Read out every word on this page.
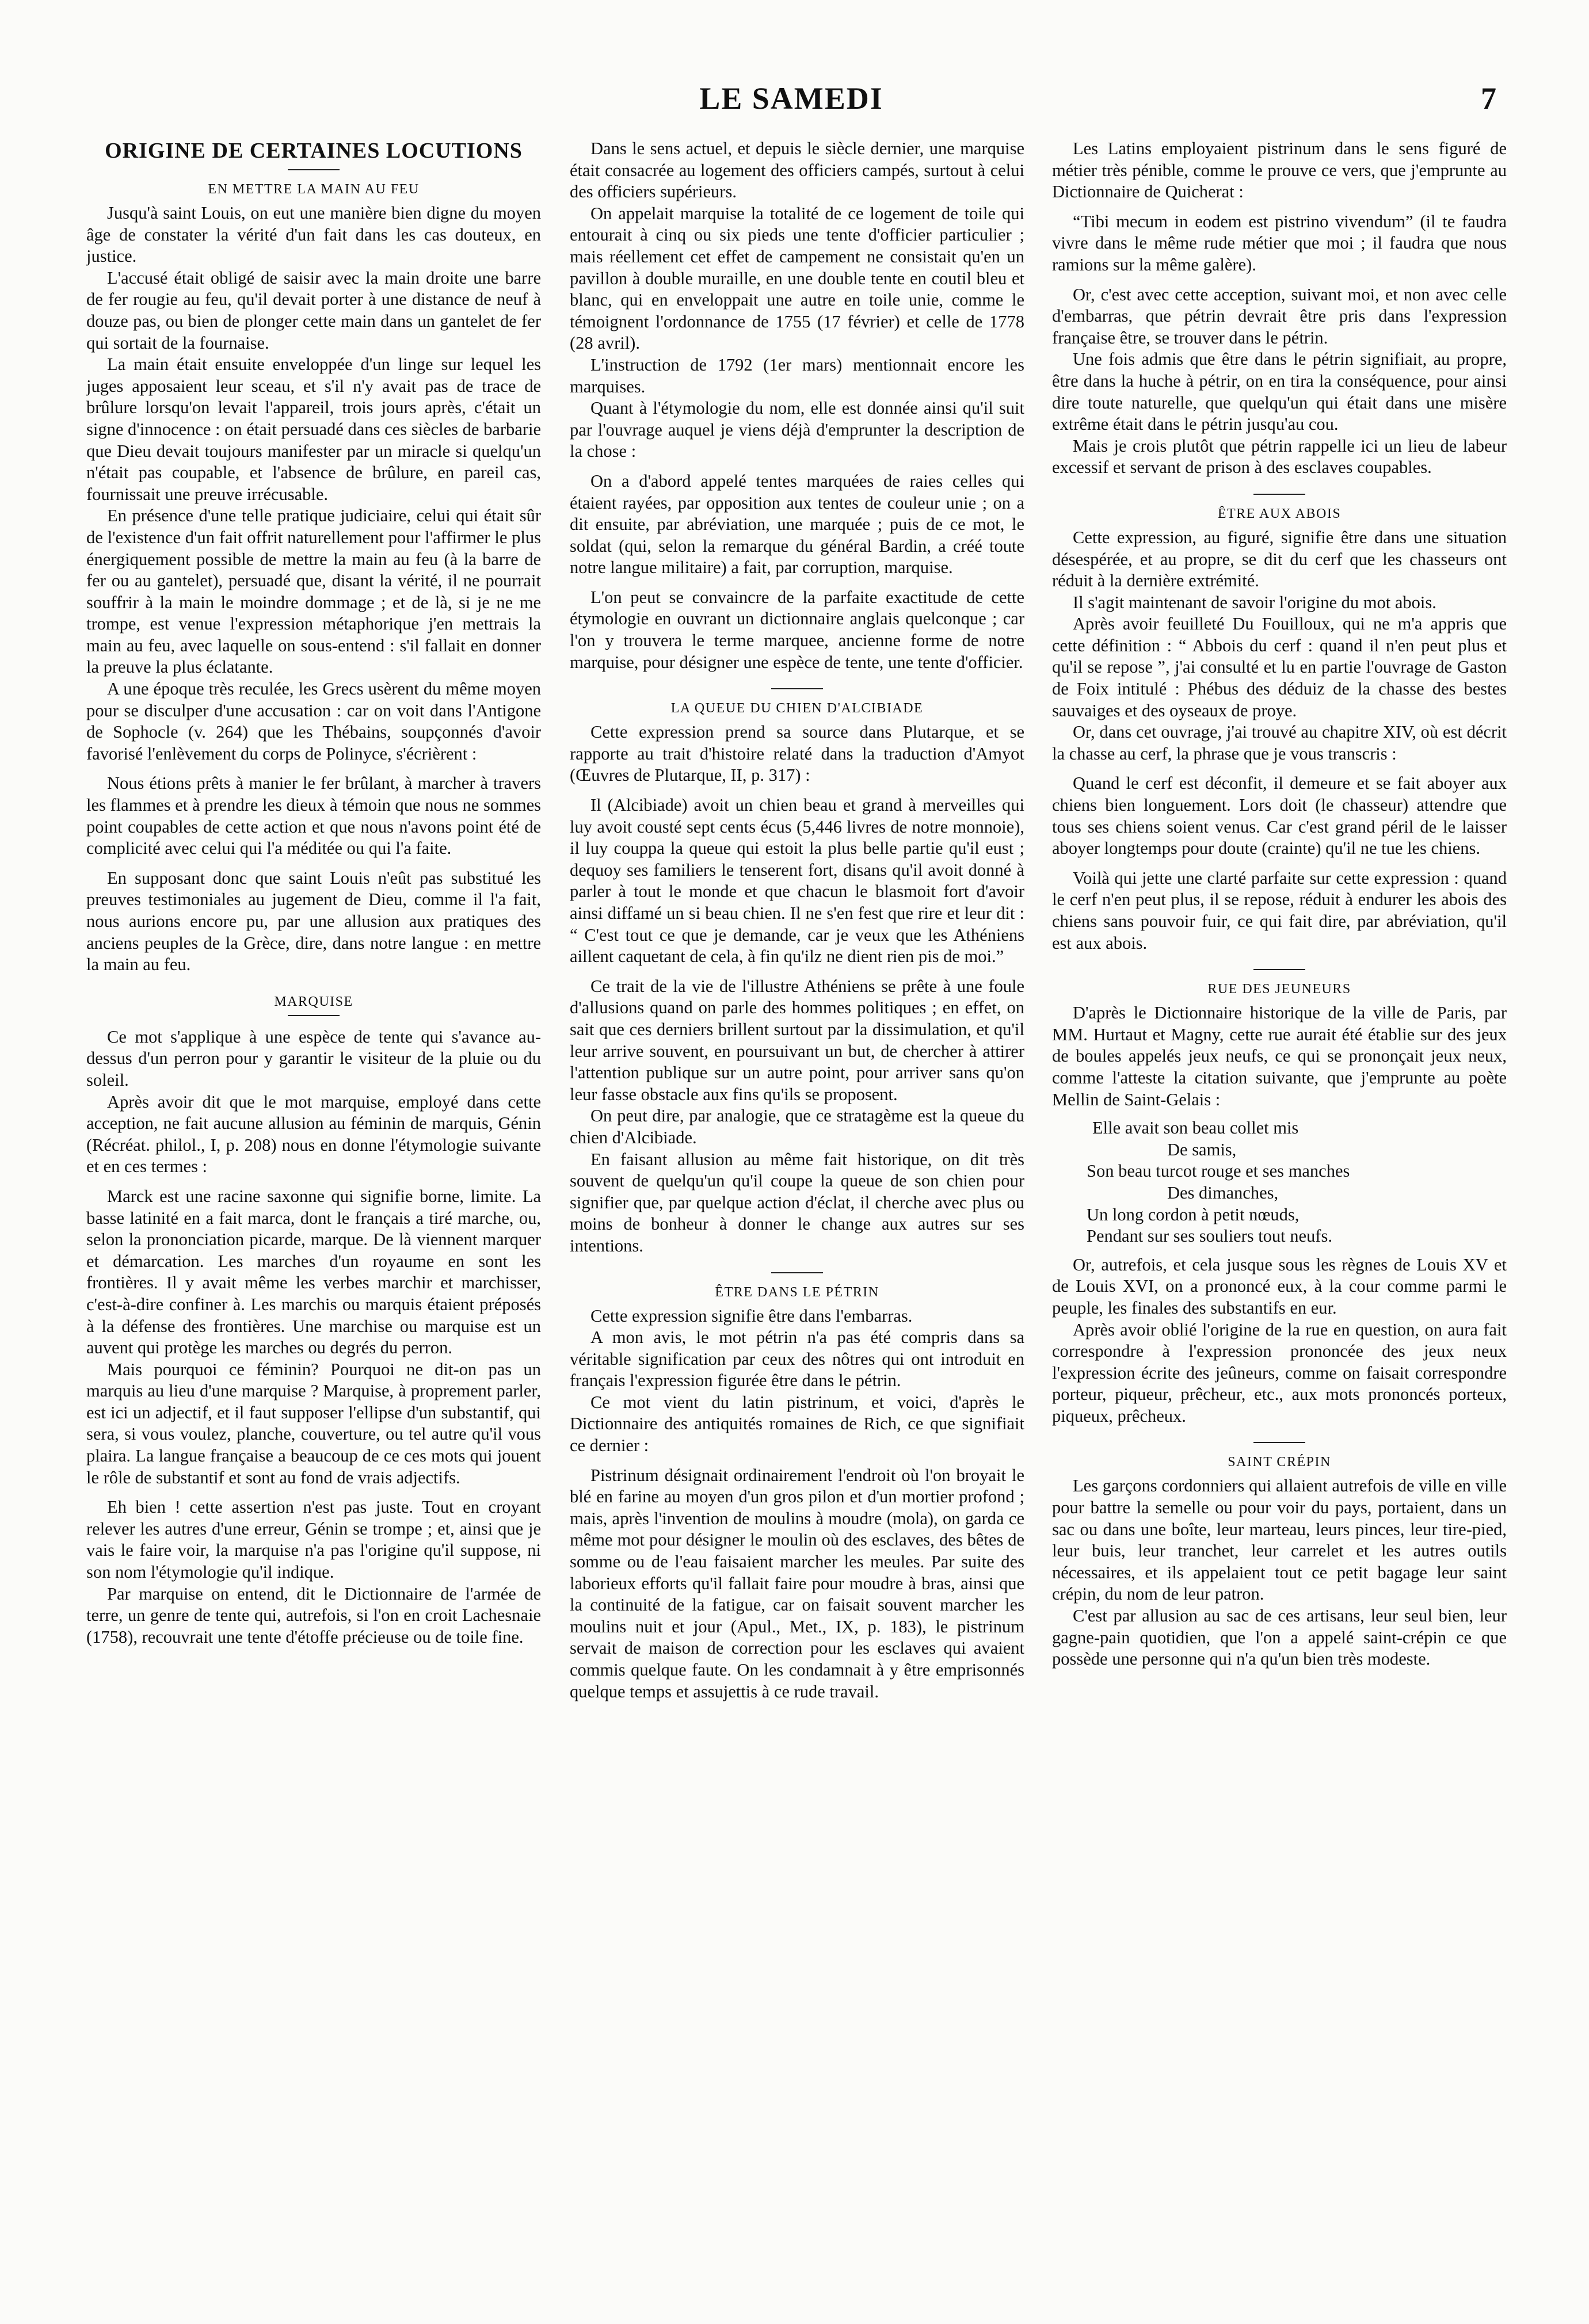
LE SAMEDI	7
ORIGINE DE CERTAINES LOCUTIONS
EN METTRE LA MAIN AU FEU

Jusqu'à saint Louis, on eut une manière bien digne du moyen âge de constater la vérité d'un fait dans les cas douteux, en justice.

L'accusé était obligé de saisir avec la main droite une barre de fer rougie au feu, qu'il devait porter à une distance de neuf à douze pas, ou bien de plonger cette main dans un gantelet de fer qui sortait de la fournaise.

La main était ensuite enveloppée d'un linge sur lequel les juges apposaient leur sceau, et s'il n'y avait pas de trace de brûlure lorsqu'on levait l'appareil, trois jours après, c'était un signe d'innocence : on était persuadé dans ces siècles de barbarie que Dieu devait toujours manifester par un miracle si quelqu'un n'était pas coupable, et l'absence de brûlure, en pareil cas, fournissait une preuve irrécusable.

En présence d'une telle pratique judiciaire, celui qui était sûr de l'existence d'un fait offrit naturellement pour l'affirmer le plus énergiquement possible de mettre la main au feu (à la barre de fer ou au gantelet), persuadé que, disant la vérité, il ne pourrait souffrir à la main le moindre dommage ; et de là, si je ne me trompe, est venue l'expression métaphorique j'en mettrais la main au feu, avec laquelle on sous-entend : s'il fallait en donner la preuve la plus éclatante.

A une époque très reculée, les Grecs usèrent du même moyen pour se disculper d'une accusation : car on voit dans l'Antigone de Sophocle (v. 264) que les Thébains, soupçonnés d'avoir favorisé l'enlèvement du corps de Polinyce, s'écrièrent :

Nous étions prêts à manier le fer brûlant, à marcher à travers les flammes et à prendre les dieux à témoin que nous ne sommes point coupables de cette action et que nous n'avons point été de complicité avec celui qui l'a méditée ou qui l'a faite.

En supposant donc que saint Louis n'eût pas substitué les preuves testimoniales au jugement de Dieu, comme il l'a fait, nous aurions encore pu, par une allusion aux pratiques des anciens peuples de la Grèce, dire, dans notre langue : en mettre la main au feu.

MARQUISE

Ce mot s'applique à une espèce de tente qui s'avance au-dessus d'un perron pour y garantir le visiteur de la pluie ou du soleil.

Après avoir dit que le mot marquise, employé dans cette acception, ne fait aucune allusion au féminin de marquis, Génin (Récréat. philol., I, p. 208) nous en donne l'étymologie suivante et en ces termes :

Marck est une racine saxonne qui signifie borne, limite. La basse latinité en a fait marca, dont le français a tiré marche, ou, selon la prononciation picarde, marque. De là viennent marquer et démarcation. Les marches d'un royaume en sont les frontières. Il y avait même les verbes marchir et marchisser, c'est-à-dire confiner à. Les marchis ou marquis étaient préposés à la défense des frontières. Une marchise ou marquise est un auvent qui protège les marches ou degrés du perron.

Mais pourquoi ce féminin? Pourquoi ne dit-on pas un marquis au lieu d'une marquise ? Marquise, à proprement parler, est ici un adjectif, et il faut supposer l'ellipse d'un substantif, qui sera, si vous voulez, planche, couverture, ou tel autre qu'il vous plaira. La langue française a beaucoup de ce ces mots qui jouent le rôle de substantif et sont au fond de vrais adjectifs.

Eh bien ! cette assertion n'est pas juste. Tout en croyant relever les autres d'une erreur, Génin se trompe ; et, ainsi que je vais le faire voir, la marquise n'a pas l'origine qu'il suppose, ni son nom l'étymologie qu'il indique.

Par marquise on entend, dit le Dictionnaire de l'armée de terre, un genre de tente qui, autrefois, si l'on en croit Lachesnaie (1758), recouvrait une tente d'étoffe précieuse ou de toile fine.

Dans le sens actuel, et depuis le siècle dernier, une marquise était consacrée au logement des officiers campés, surtout à celui des officiers supérieurs.

On appelait marquise la totalité de ce logement de toile qui entourait à cinq ou six pieds une tente d'officier particulier ; mais réellement cet effet de campement ne consistait qu'en un pavillon à double muraille, en une double tente en coutil bleu et blanc, qui en enveloppait une autre en toile unie, comme le témoignent l'ordonnance de 1755 (17 février) et celle de 1778 (28 avril).

L'instruction de 1792 (1er mars) mentionnait encore les marquises.

Quant à l'étymologie du nom, elle est donnée ainsi qu'il suit par l'ouvrage auquel je viens déjà d'emprunter la description de la chose :

On a d'abord appelé tentes marquées de raies celles qui étaient rayées, par opposition aux tentes de couleur unie ; on a dit ensuite, par abréviation, une marquée ; puis de ce mot, le soldat (qui, selon la remarque du général Bardin, a créé toute notre langue militaire) a fait, par corruption, marquise.

L'on peut se convaincre de la parfaite exactitude de cette étymologie en ouvrant un dictionnaire anglais quelconque ; car l'on y trouvera le terme marquee, ancienne forme de notre marquise, pour désigner une espèce de tente, une tente d'officier.

LA QUEUE DU CHIEN D'ALCIBIADE

Cette expression prend sa source dans Plutarque, et se rapporte au trait d'histoire relaté dans la traduction d'Amyot (Œuvres de Plutarque, II, p. 317) :

Il (Alcibiade) avoit un chien beau et grand à merveilles qui luy avoit cousté sept cents écus (5,446 livres de notre monnoie), il luy couppa la queue qui estoit la plus belle partie qu'il eust ; dequoy ses familiers le tenserent fort, disans qu'il avoit donné à parler à tout le monde et que chacun le blasmoit fort d'avoir ainsi diffamé un si beau chien. Il ne s'en fest que rire et leur dit : “ C'est tout ce que je demande, car je veux que les Athéniens aillent caquetant de cela, à fin qu'ilz ne dient rien pis de moi.”

Ce trait de la vie de l'illustre Athéniens se prête à une foule d'allusions quand on parle des hommes politiques ; en effet, on sait que ces derniers brillent surtout par la dissimulation, et qu'il leur arrive souvent, en poursuivant un but, de chercher à attirer l'attention publique sur un autre point, pour arriver sans qu'on leur fasse obstacle aux fins qu'ils se proposent.

On peut dire, par analogie, que ce stratagème est la queue du chien d'Alcibiade.

En faisant allusion au même fait historique, on dit très souvent de quelqu'un qu'il coupe la queue de son chien pour signifier que, par quelque action d'éclat, il cherche avec plus ou moins de bonheur à donner le change aux autres sur ses intentions.

ÊTRE DANS LE PÉTRIN

Cette expression signifie être dans l'embarras.

A mon avis, le mot pétrin n'a pas été compris dans sa véritable signification par ceux des nôtres qui ont introduit en français l'expression figurée être dans le pétrin.

Ce mot vient du latin pistrinum, et voici, d'après le Dictionnaire des antiquités romaines de Rich, ce que signifiait ce dernier :

Pistrinum désignait ordinairement l'endroit où l'on broyait le blé en farine au moyen d'un gros pilon et d'un mortier profond ; mais, après l'invention de moulins à moudre (mola), on garda ce même mot pour désigner le moulin où des esclaves, des bêtes de somme ou de l'eau faisaient marcher les meules. Par suite des laborieux efforts qu'il fallait faire pour moudre à bras, ainsi que la continuité de la fatigue, car on faisait souvent marcher les moulins nuit et jour (Apul., Met., IX, p. 183), le pistrinum servait de maison de correction pour les esclaves qui avaient commis quelque faute. On les condamnait à y être emprisonnés quelque temps et assujettis à ce rude travail.

Les Latins employaient pistrinum dans le sens figuré de métier très pénible, comme le prouve ce vers, que j'emprunte au Dictionnaire de Quicherat :

“Tibi mecum in eodem est pistrino vivendum” (il te faudra vivre dans le même rude métier que moi ; il faudra que nous ramions sur la même galère).

Or, c'est avec cette acception, suivant moi, et non avec celle d'embarras, que pétrin devrait être pris dans l'expression française être, se trouver dans le pétrin.

Une fois admis que être dans le pétrin signifiait, au propre, être dans la huche à pétrir, on en tira la conséquence, pour ainsi dire toute naturelle, que quelqu'un qui était dans une misère extrême était dans le pétrin jusqu'au cou.

Mais je crois plutôt que pétrin rappelle ici un lieu de labeur excessif et servant de prison à des esclaves coupables.

ÊTRE AUX ABOIS

Cette expression, au figuré, signifie être dans une situation désespérée, et au propre, se dit du cerf que les chasseurs ont réduit à la dernière extrémité.

Il s'agit maintenant de savoir l'origine du mot abois.

Après avoir feuilleté Du Fouilloux, qui ne m'a appris que cette définition : “ Abbois du cerf : quand il n'en peut plus et qu'il se repose ”, j'ai consulté et lu en partie l'ouvrage de Gaston de Foix intitulé : Phébus des déduiz de la chasse des bestes sauvaiges et des oyseaux de proye.

Or, dans cet ouvrage, j'ai trouvé au chapitre XIV, où est décrit la chasse au cerf, la phrase que je vous transcris :

Quand le cerf est déconfit, il demeure et se fait aboyer aux chiens bien longuement. Lors doit (le chasseur) attendre que tous ses chiens soient venus. Car c'est grand péril de le laisser aboyer longtemps pour doute (crainte) qu'il ne tue les chiens.

Voilà qui jette une clarté parfaite sur cette expression : quand le cerf n'en peut plus, il se repose, réduit à endurer les abois des chiens sans pouvoir fuir, ce qui fait dire, par abréviation, qu'il est aux abois.

RUE DES JEUNEURS

D'après le Dictionnaire historique de la ville de Paris, par MM. Hurtaut et Magny, cette rue aurait été établie sur des jeux de boules appelés jeux neufs, ce qui se prononçait jeux neux, comme l'atteste la citation suivante, que j'emprunte au poète Mellin de Saint-Gelais :

Elle avait son beau collet mis

De samis,

Son beau turcot rouge et ses manches

Des dimanches,

Un long cordon à petit nœuds,

Pendant sur ses souliers tout neufs.

Or, autrefois, et cela jusque sous les règnes de Louis XV et de Louis XVI, on a prononcé eux, à la cour comme parmi le peuple, les finales des substantifs en eur.

Après avoir oblié l'origine de la rue en question, on aura fait correspondre à l'expression prononcée des jeux neux l'expression écrite des jeûneurs, comme on faisait correspondre porteur, piqueur, prêcheur, etc., aux mots prononcés porteux, piqueux, prêcheux.

SAINT CRÉPIN

Les garçons cordonniers qui allaient autrefois de ville en ville pour battre la semelle ou pour voir du pays, portaient, dans un sac ou dans une boîte, leur marteau, leurs pinces, leur tire-pied, leur buis, leur tranchet, leur carrelet et les autres outils nécessaires, et ils appelaient tout ce petit bagage leur saint crépin, du nom de leur patron.

C'est par allusion au sac de ces artisans, leur seul bien, leur gagne-pain quotidien, que l'on a appelé saint-crépin ce que possède une personne qui n'a qu'un bien très modeste.
